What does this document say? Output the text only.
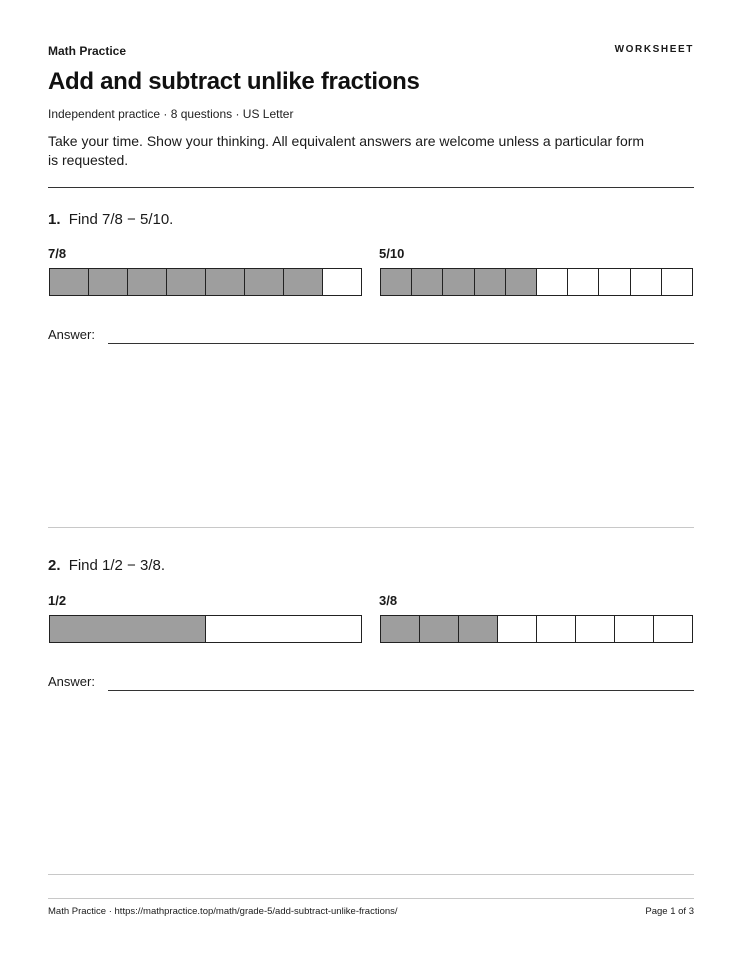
Math Practice	WORKSHEET
Add and subtract unlike fractions
Independent practice · 8 questions · US Letter
Take your time. Show your thinking. All equivalent answers are welcome unless a particular form is requested.
1. Find 7/8 − 5/10.
7/8	5/10
Answer:
2. Find 1/2 − 3/8.
1/2	3/8
Answer:
Math Practice · https://mathpractice.top/math/grade-5/add-subtract-unlike-fractions/	Page 1 of 3
